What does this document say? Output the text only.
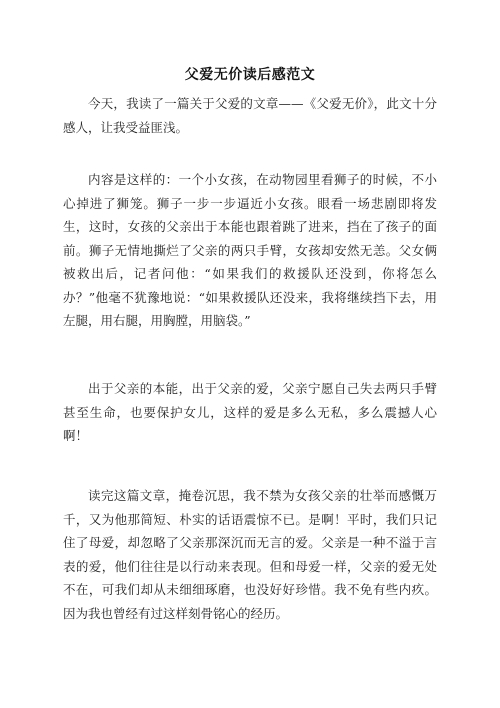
父爱无价读后感范文

今天，我读了一篇关于父爱的文章——《父爱无价》，此文十分感人，让我受益匪浅。

内容是这样的：一个小女孩，在动物园里看狮子的时候，不小心掉进了狮笼。狮子一步一步逼近小女孩。眼看一场悲剧即将发生，这时，女孩的父亲出于本能也跟着跳了进来，挡在了孩子的面前。狮子无情地撕烂了父亲的两只手臂，女孩却安然无恙。父女俩被救出后，记者问他：“如果我们的救援队还没到，你将怎么办？”他毫不犹豫地说：“如果救援队还没来，我将继续挡下去，用左腿，用右腿，用胸膛，用脑袋。”

出于父亲的本能，出于父亲的爱，父亲宁愿自己失去两只手臂甚至生命，也要保护女儿，这样的爱是多么无私，多么震撼人心啊！

读完这篇文章，掩卷沉思，我不禁为女孩父亲的壮举而感慨万千，又为他那简短、朴实的话语震惊不已。是啊！平时，我们只记住了母爱，却忽略了父亲那深沉而无言的爱。父亲是一种不溢于言表的爱，他们往往是以行动来表现。但和母爱一样，父亲的爱无处不在，可我们却从未细细琢磨，也没好好珍惜。我不免有些内疚。因为我也曾经有过这样刻骨铭心的经历。
